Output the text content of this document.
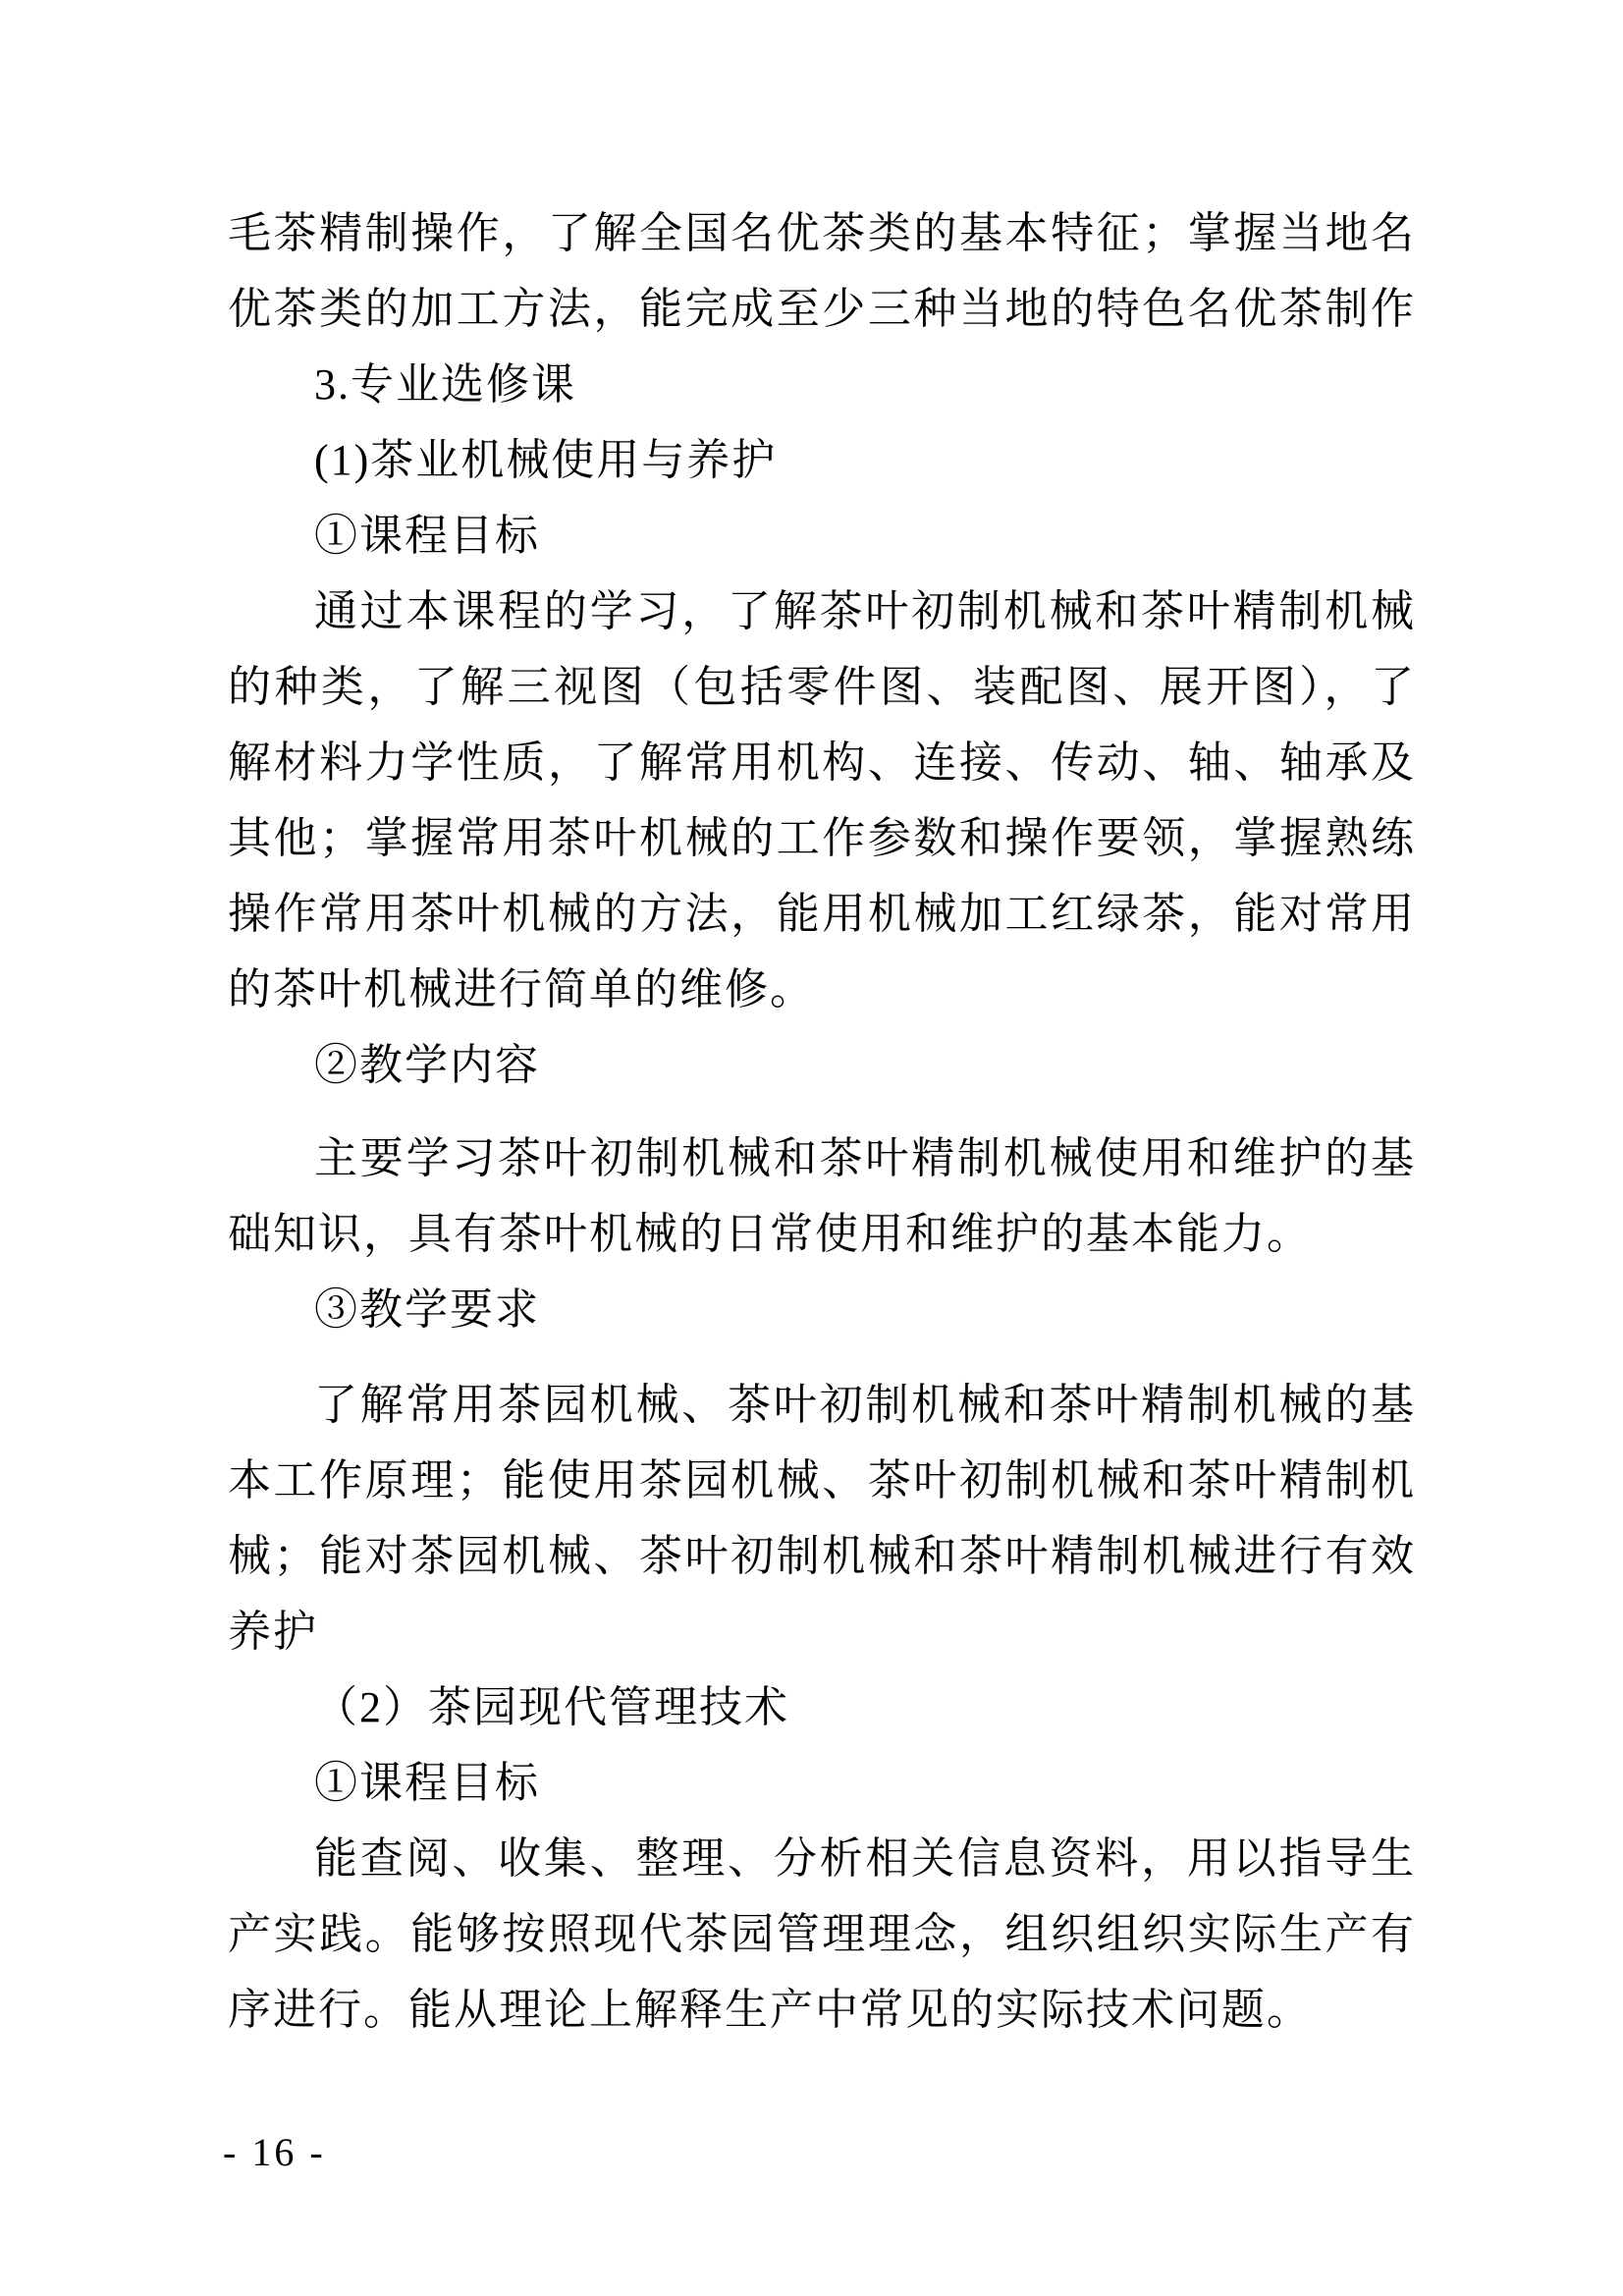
毛茶精制操作，了解全国名优茶类的基本特征；掌握当地名
优茶类的加工方法，能完成至少三种当地的特色名优茶制作
3.专业选修课
(1)茶业机械使用与养护
①课程目标
通过本课程的学习，了解茶叶初制机械和茶叶精制机械
的种类，了解三视图（包括零件图、装配图、展开图），了
解材料力学性质，了解常用机构、连接、传动、轴、轴承及
其他；掌握常用茶叶机械的工作参数和操作要领，掌握熟练
操作常用茶叶机械的方法，能用机械加工红绿茶，能对常用
的茶叶机械进行简单的维修。
②教学内容
主要学习茶叶初制机械和茶叶精制机械使用和维护的基
础知识，具有茶叶机械的日常使用和维护的基本能力。
③教学要求
了解常用茶园机械、茶叶初制机械和茶叶精制机械的基
本工作原理；能使用茶园机械、茶叶初制机械和茶叶精制机
械；能对茶园机械、茶叶初制机械和茶叶精制机械进行有效
养护
（2）茶园现代管理技术
①课程目标
能查阅、收集、整理、分析相关信息资料，用以指导生
产实践。能够按照现代茶园管理理念，组织组织实际生产有
序进行。能从理论上解释生产中常见的实际技术问题。
- 16 -
